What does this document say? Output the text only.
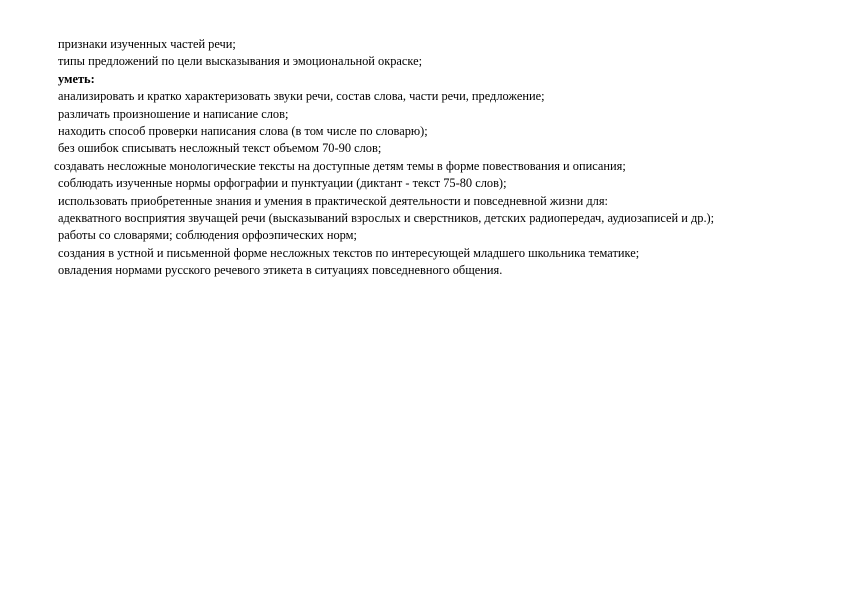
признаки изученных частей речи;

типы предложений по цели высказывания и эмоциональной окраске;

уметь:

анализировать и кратко характеризовать звуки речи, состав слова, части речи, предложение;

различать произношение и написание слов;

находить способ проверки написания слова (в том числе по словарю);

без ошибок списывать несложный текст объемом 70-90 слов;

создавать несложные монологические тексты на доступные детям темы в форме повествования и описания;

соблюдать изученные нормы орфографии и пунктуации (диктант - текст 75-80 слов);

использовать приобретенные знания и умения в практической деятельности и повседневной жизни для:

адекватного восприятия звучащей речи (высказываний взрослых и сверстников, детских радиопередач, аудиозаписей и др.);

работы со словарями; соблюдения орфоэпических норм;

создания в устной и письменной форме несложных текстов по интересующей младшего школьника тематике;

овладения нормами русского речевого этикета в ситуациях повседневного общения.
